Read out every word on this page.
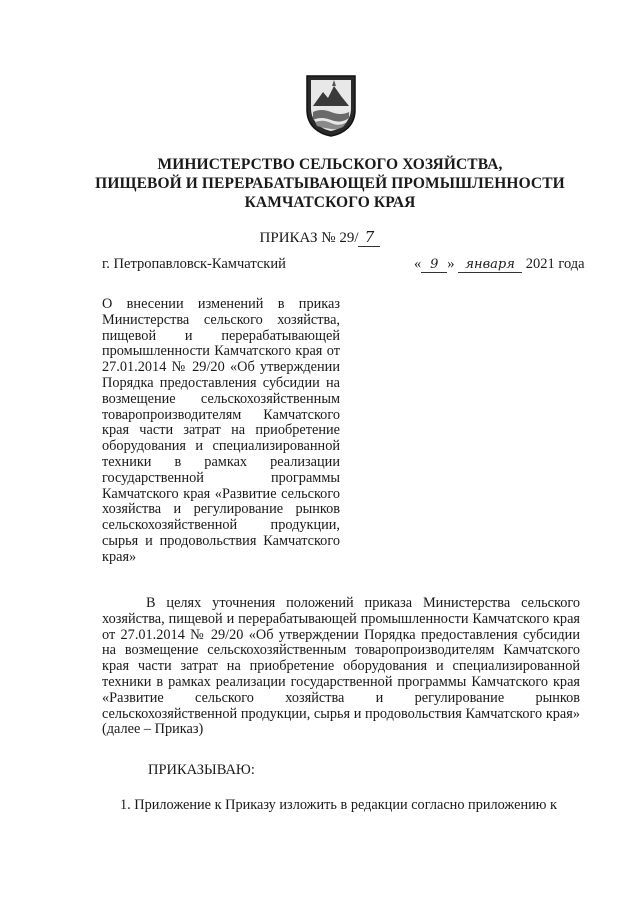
МИНИСТЕРСТВО СЕЛЬСКОГО ХОЗЯЙСТВА,
ПИЩЕВОЙ И ПЕРЕРАБАТЫВАЮЩЕЙ ПРОМЫШЛЕННОСТИ
КАМЧАТСКОГО КРАЯ
ПРИКАЗ № 29/ 7
г. Петропавловск-Камчатский	« 9 » января 2021 года
О внесении изменений в приказ
Министерства сельского хозяйства,
пищевой и перерабатывающей
промышленности Камчатского края от
27.01.2014 № 29/20 «Об утверждении
Порядка предоставления субсидии на
возмещение сельскохозяйственным
товаропроизводителям Камчатского
края части затрат на приобретение
оборудования и специализированной
техники в рамках реализации
государственной программы
Камчатского края «Развитие сельского
хозяйства и регулирование рынков
сельскохозяйственной продукции,
сырья и продовольствия Камчатского
края»
В целях уточнения положений приказа Министерства сельского хозяйства, пищевой и перерабатывающей промышленности Камчатского края от 27.01.2014 № 29/20 «Об утверждении Порядка предоставления субсидии на возмещение сельскохозяйственным товаропроизводителям Камчатского края части затрат на приобретение оборудования и специализированной техники в рамках реализации государственной программы Камчатского края «Развитие сельского хозяйства и регулирование рынков сельскохозяйственной продукции, сырья и продовольствия Камчатского края» (далее – Приказ)
ПРИКАЗЫВАЮ:
1. Приложение к Приказу изложить в редакции согласно приложению к
